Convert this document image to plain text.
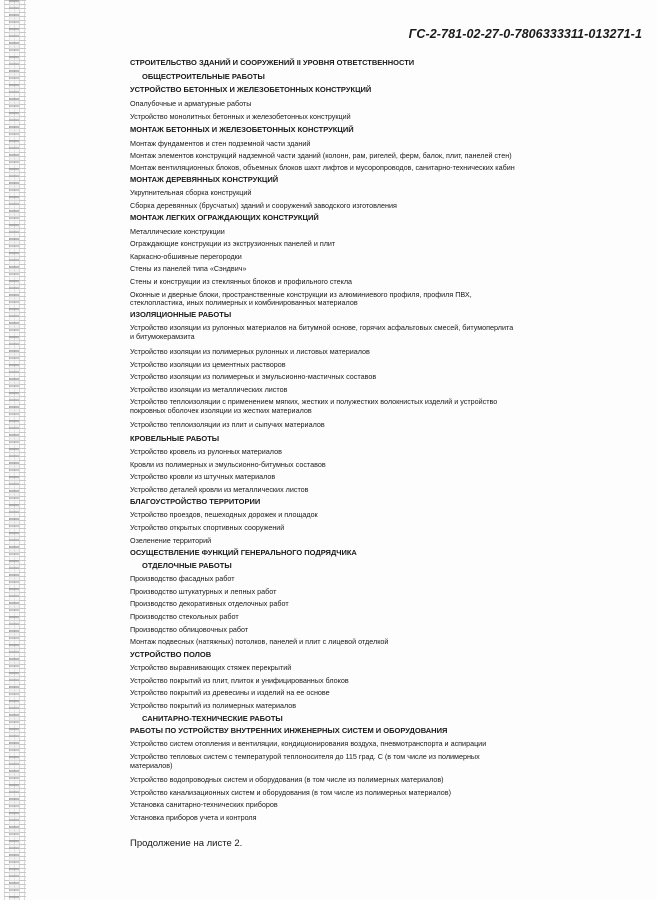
ГС-2-781-02-27-0-7806333311-013271-1
СТРОИТЕЛЬСТВО ЗДАНИЙ И СООРУЖЕНИЙ II УРОВНЯ ОТВЕТСТВЕННОСТИ
ОБЩЕСТРОИТЕЛЬНЫЕ РАБОТЫ
УСТРОЙСТВО БЕТОННЫХ И ЖЕЛЕЗОБЕТОННЫХ КОНСТРУКЦИЙ
Опалубочные и арматурные работы
Устройство монолитных бетонных и железобетонных конструкций
МОНТАЖ БЕТОННЫХ И ЖЕЛЕЗОБЕТОННЫХ КОНСТРУКЦИЙ
Монтаж фундаментов и стен подземной части зданий
Монтаж элементов конструкций надземной части зданий (колонн, рам, ригелей, ферм, балок, плит, панелей стен)
Монтаж вентиляционных блоков, объемных блоков шахт лифтов и мусоропроводов, санитарно-технических кабин
МОНТАЖ ДЕРЕВЯННЫХ КОНСТРУКЦИЙ
Укрупнительная сборка конструкций
Сборка деревянных (брусчатых) зданий и сооружений заводского изготовления
МОНТАЖ ЛЕГКИХ ОГРАЖДАЮЩИХ КОНСТРУКЦИЙ
Металлические конструкции
Ограждающие конструкции из экструзионных панелей и плит
Каркасно-обшивные перегородки
Стены из панелей типа «Сэндвич»
Стены и конструкции из стеклянных блоков и профильного стекла
Оконные и дверные блоки, пространственные конструкции из алюминиевого профиля, профиля ПВХ,
стеклопластика, иных полимерных и комбинированных материалов
ИЗОЛЯЦИОННЫЕ РАБОТЫ
Устройство изоляции из рулонных материалов на битумной основе, горячих асфальтовых смесей, битумоперлита
и битумокерамзита
Устройство изоляции из полимерных рулонных и листовых материалов
Устройство изоляции из цементных растворов
Устройство изоляции из полимерных и эмульсионно-мастичных составов
Устройство изоляции из металлических листов
Устройство теплоизоляции с применением мягких, жестких и полужестких волокнистых изделий и устройство
покровных оболочек изоляции из жестких материалов
Устройство теплоизоляции из плит и сыпучих материалов
КРОВЕЛЬНЫЕ РАБОТЫ
Устройство кровель из рулонных материалов
Кровли из полимерных и эмульсионно-битумных составов
Устройство кровли из штучных материалов
Устройство деталей кровли из металлических листов
БЛАГОУСТРОЙСТВО ТЕРРИТОРИИ
Устройство проездов, пешеходных дорожек и площадок
Устройство открытых спортивных сооружений
Озеленение территорий
ОСУЩЕСТВЛЕНИЕ ФУНКЦИЙ ГЕНЕРАЛЬНОГО ПОДРЯДЧИКА
ОТДЕЛОЧНЫЕ РАБОТЫ
Производство фасадных работ
Производство штукатурных и лепных работ
Производство декоративных отделочных работ
Производство стекольных работ
Производство облицовочных работ
Монтаж подвесных (натяжных) потолков, панелей и плит с лицевой отделкой
УСТРОЙСТВО ПОЛОВ
Устройство выравнивающих стяжек перекрытий
Устройство покрытий из плит, плиток и унифицированных блоков
Устройство покрытий из древесины и изделий на ее основе
Устройство покрытий из полимерных материалов
САНИТАРНО-ТЕХНИЧЕСКИЕ РАБОТЫ
РАБОТЫ ПО УСТРОЙСТВУ ВНУТРЕННИХ ИНЖЕНЕРНЫХ СИСТЕМ И ОБОРУДОВАНИЯ
Устройство систем отопления и вентиляции, кондиционирования воздуха, пневмотранспорта и аспирации
Устройство тепловых систем с температурой теплоносителя до 115 град. С (в том числе из полимерных
материалов)
Устройство водопроводных систем и оборудования (в том числе из полимерных материалов)
Устройство канализационных систем и оборудования (в том числе из полимерных материалов)
Установка санитарно-технических приборов
Установка приборов учета и контроля
Продолжение на листе 2.
